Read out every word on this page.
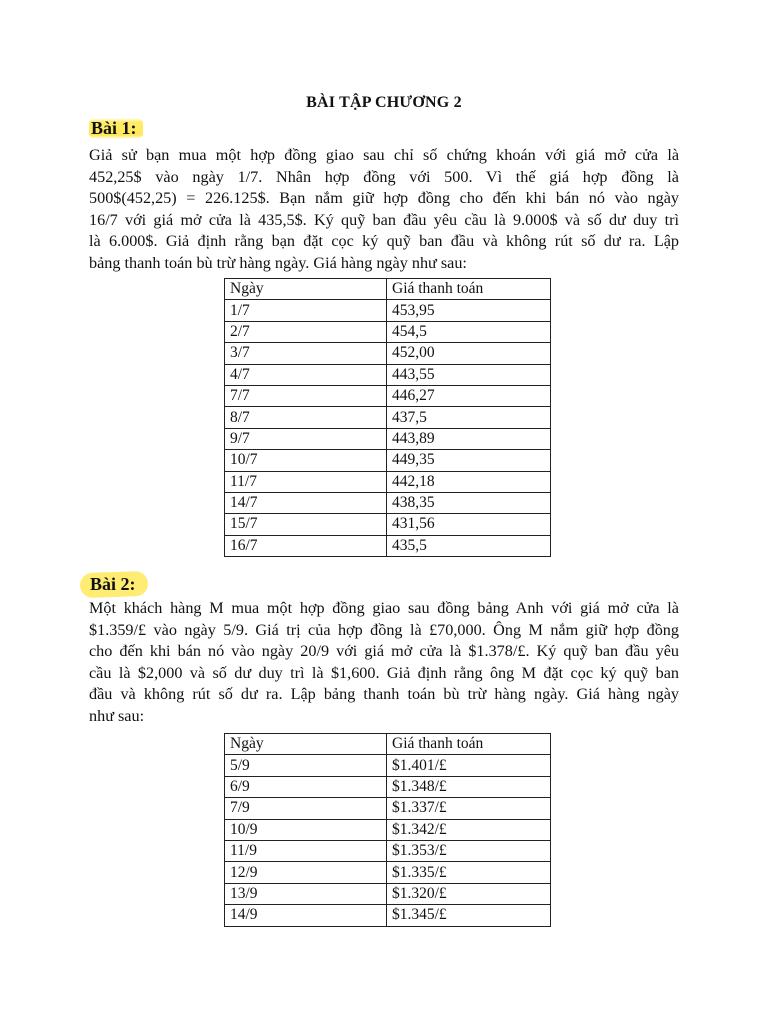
BÀI TẬP CHƯƠNG 2
Bài 1:
Giả sử bạn mua một hợp đồng giao sau chỉ số chứng khoán với giá mở cửa là
452,25$ vào ngày 1/7. Nhân hợp đồng với 500. Vì thế giá hợp đồng là
500$(452,25) = 226.125$. Bạn nắm giữ hợp đồng cho đến khi bán nó vào ngày
16/7 với giá mở cửa là 435,5$. Ký quỹ ban đầu yêu cầu là 9.000$ và số dư duy trì
là 6.000$. Giả định rằng bạn đặt cọc ký quỹ ban đầu và không rút số dư ra. Lập
bảng thanh toán bù trừ hàng ngày. Giá hàng ngày như sau:
Ngày	Giá thanh toán
1/7	453,95
2/7	454,5
3/7	452,00
4/7	443,55
7/7	446,27
8/7	437,5
9/7	443,89
10/7	449,35
11/7	442,18
14/7	438,35
15/7	431,56
16/7	435,5
Bài 2:
Một khách hàng M mua một hợp đồng giao sau đồng bảng Anh với giá mở cửa là
$1.359/£ vào ngày 5/9. Giá trị của hợp đồng là £70,000. Ông M nắm giữ hợp đồng
cho đến khi bán nó vào ngày 20/9 với giá mở cửa là $1.378/£. Ký quỹ ban đầu yêu
cầu là $2,000 và số dư duy trì là $1,600. Giả định rằng ông M đặt cọc ký quỹ ban
đầu và không rút số dư ra. Lập bảng thanh toán bù trừ hàng ngày. Giá hàng ngày
như sau:
Ngày	Giá thanh toán
5/9	$1.401/£
6/9	$1.348/£
7/9	$1.337/£
10/9	$1.342/£
11/9	$1.353/£
12/9	$1.335/£
13/9	$1.320/£
14/9	$1.345/£
